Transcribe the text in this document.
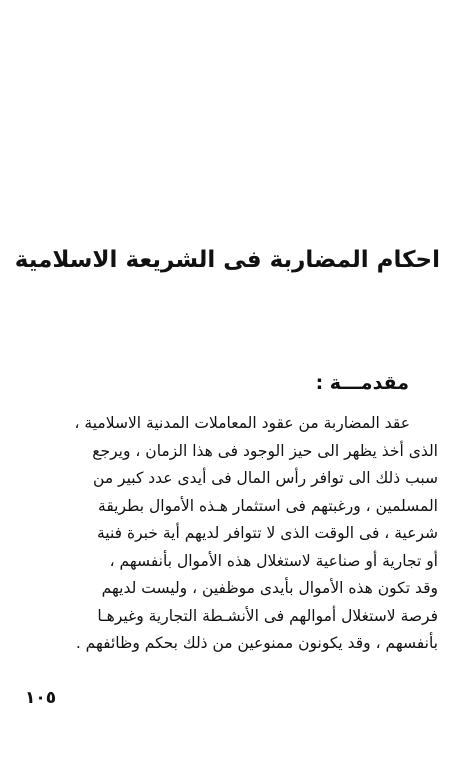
احكام المضاربة فى الشريعة الاسلامية
مقدمـــة :
عقد المضاربة من عقود المعاملات المدنية الاسلامية ،
الذى أخذ يظهر الى حيز الوجود فى هذا الزمان ، ويرجع
سبب ذلك الى توافر رأس المال فى أيدى عدد كبير من
المسلمين ، ورغبتهم فى استثمار هـذه الأموال بطريقة
شرعية ، فى الوقت الذى لا تتوافر لديهم أية خبرة فنية
أو تجارية أو صناعية لاستغلال هذه الأموال بأنفسهم ،
وقد تكون هذه الأموال بأيدى موظفين ، وليست لديهم
فرصة لاستغلال أموالهم فى الأنشـطة التجارية وغيرهـا
بأنفسهم ، وقد يكونون ممنوعين من ذلك بحكم وظائفهم .
١٠٥
